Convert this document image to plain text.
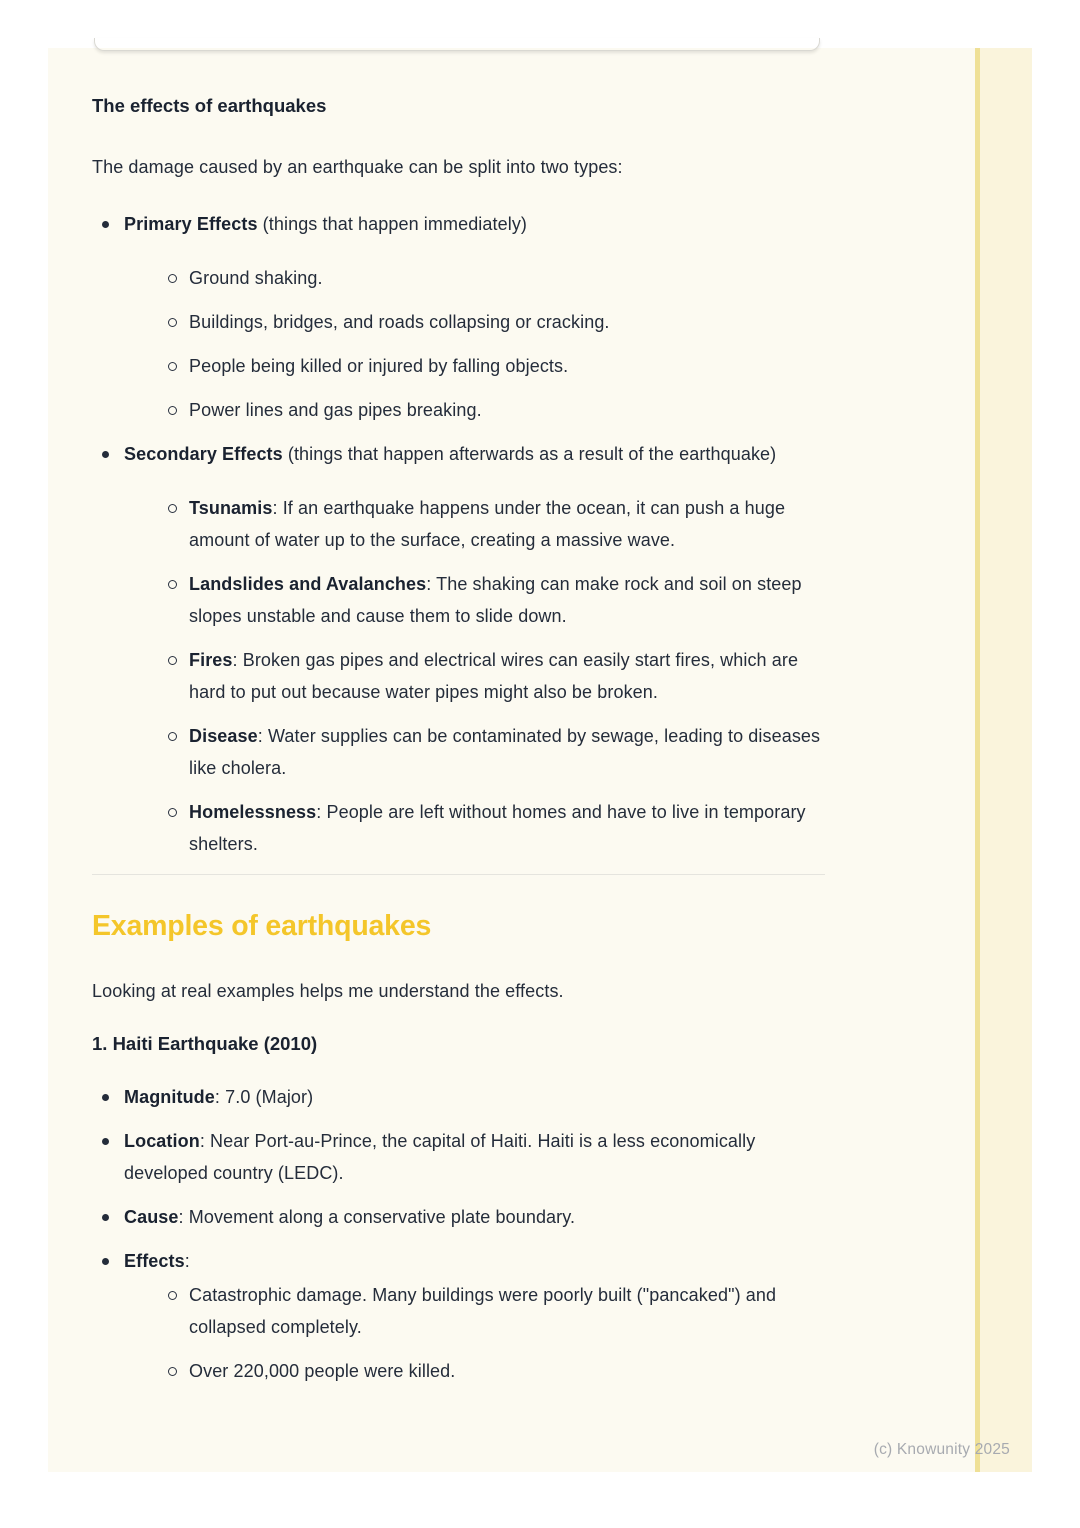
The effects of earthquakes

The damage caused by an earthquake can be split into two types:

Primary Effects (things that happen immediately)
Ground shaking.
Buildings, bridges, and roads collapsing or cracking.
People being killed or injured by falling objects.
Power lines and gas pipes breaking.
Secondary Effects (things that happen afterwards as a result of the earthquake)
Tsunamis: If an earthquake happens under the ocean, it can push a huge amount of water up to the surface, creating a massive wave.
Landslides and Avalanches: The shaking can make rock and soil on steep slopes unstable and cause them to slide down.
Fires: Broken gas pipes and electrical wires can easily start fires, which are hard to put out because water pipes might also be broken.
Disease: Water supplies can be contaminated by sewage, leading to diseases like cholera.
Homelessness: People are left without homes and have to live in temporary shelters.
Examples of earthquakes

Looking at real examples helps me understand the effects.

1. Haiti Earthquake (2010)
Magnitude: 7.0 (Major)
Location: Near Port-au-Prince, the capital of Haiti. Haiti is a less economically developed country (LEDC).
Cause: Movement along a conservative plate boundary.
Effects:
Catastrophic damage. Many buildings were poorly built ("pancaked") and collapsed completely.
Over 220,000 people were killed.
(c) Knowunity 2025
